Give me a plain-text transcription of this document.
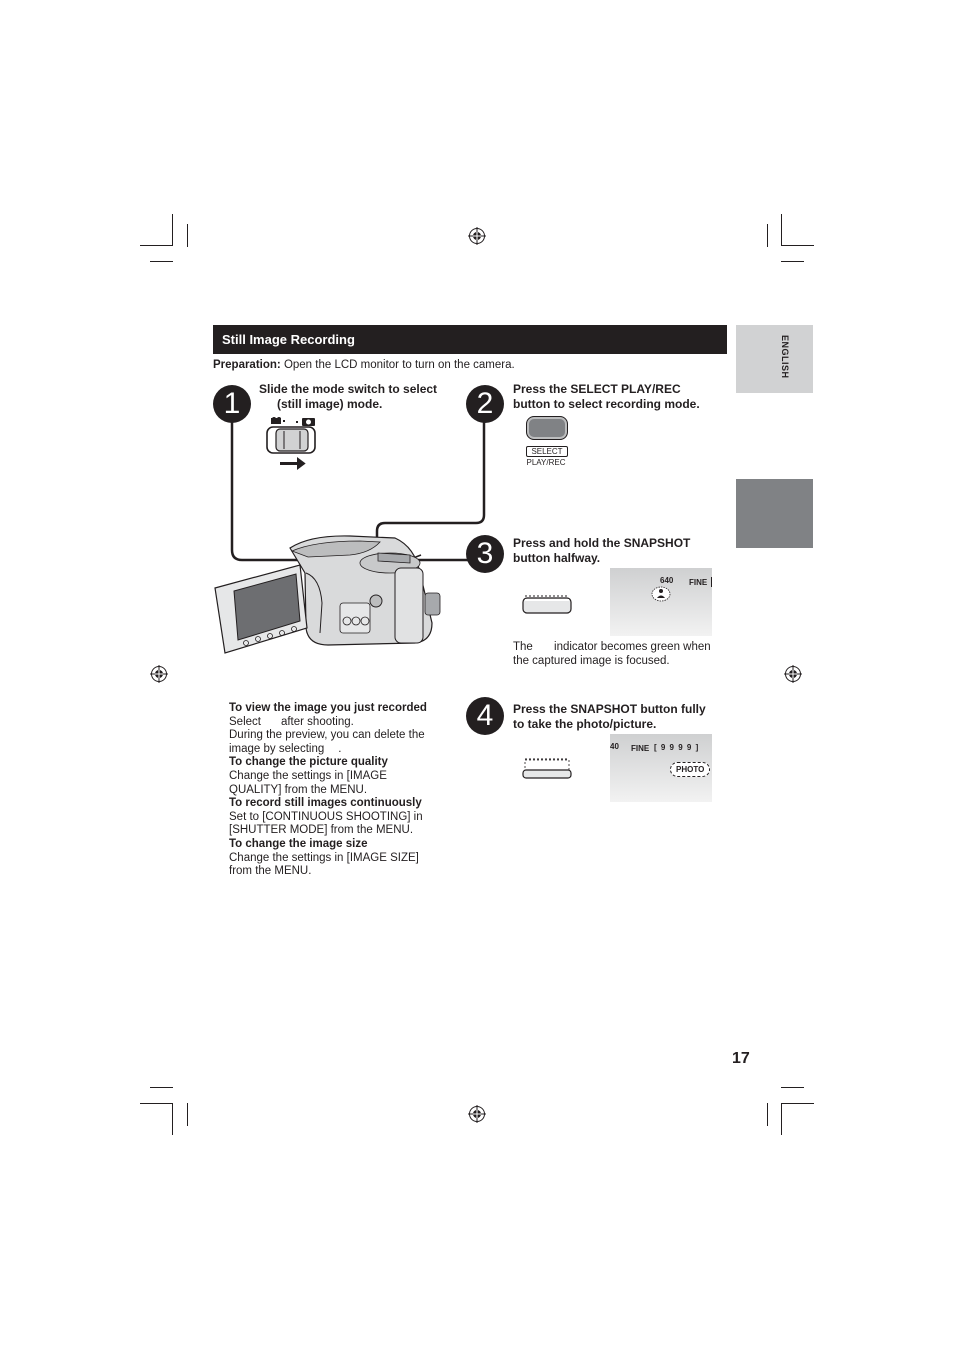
Still Image Recording	ENGLISH
Preparation: Open the LCD monitor to turn on the camera.
1	Slide the mode switch to select
(still image) mode.	2	Press the SELECT PLAY/REC
button to select recording mode.
SELECT
PLAY/REC
3	Press and hold the SNAPSHOT
button halfway.
640 FINE
The indicator becomes green when
the captured image is focused.
4	Press the SNAPSHOT button fully
to take the photo/picture.
40 FINE [ 9 9 9 9 ]
PHOTO
To view the image you just recorded
Select after shooting.
During the preview, you can delete the
image by selecting .
To change the picture quality
Change the settings in [IMAGE
QUALITY] from the MENU.
To record still images continuously
Set to [CONTINUOUS SHOOTING] in
[SHUTTER MODE] from the MENU.
To change the image size
Change the settings in [IMAGE SIZE]
from the MENU.
17
